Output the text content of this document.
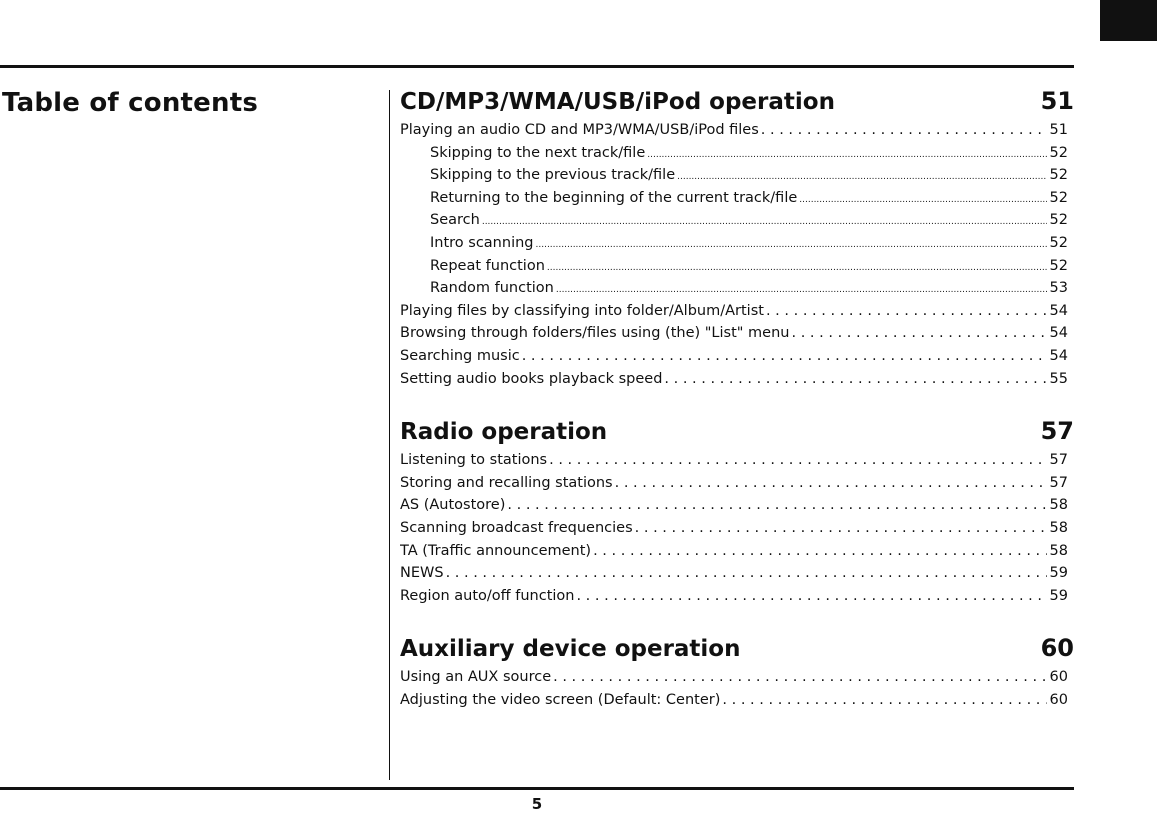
Table of contents	CD/MP3/WMA/USB/iPod operation	51
Playing an audio CD and MP3/WMA/USB/iPod files . . .	51
Skipping to the next track/file .....	52
Skipping to the previous track/file .....	52
Returning to the beginning of the current track/file .....	52
Search .....	52
Intro scanning .....	52
Repeat function .....	52
Random function .....	53
Playing files by classifying into folder/Album/Artist . . .	54
Browsing through folders/files using (the) "List" menu . . .	54
Searching music . . .	54
Setting audio books playback speed . . .	55
Radio operation	57
Listening to stations . . .	57
Storing and recalling stations . . .	57
AS (Autostore) . . .	58
Scanning broadcast frequencies . . .	58
TA (Traffic announcement) . . .	58
NEWS . . .	59
Region auto/off function . . .	59
Auxiliary device operation	60
Using an AUX source . . .	60
Adjusting the video screen (Default: Center) . . .	60
5
